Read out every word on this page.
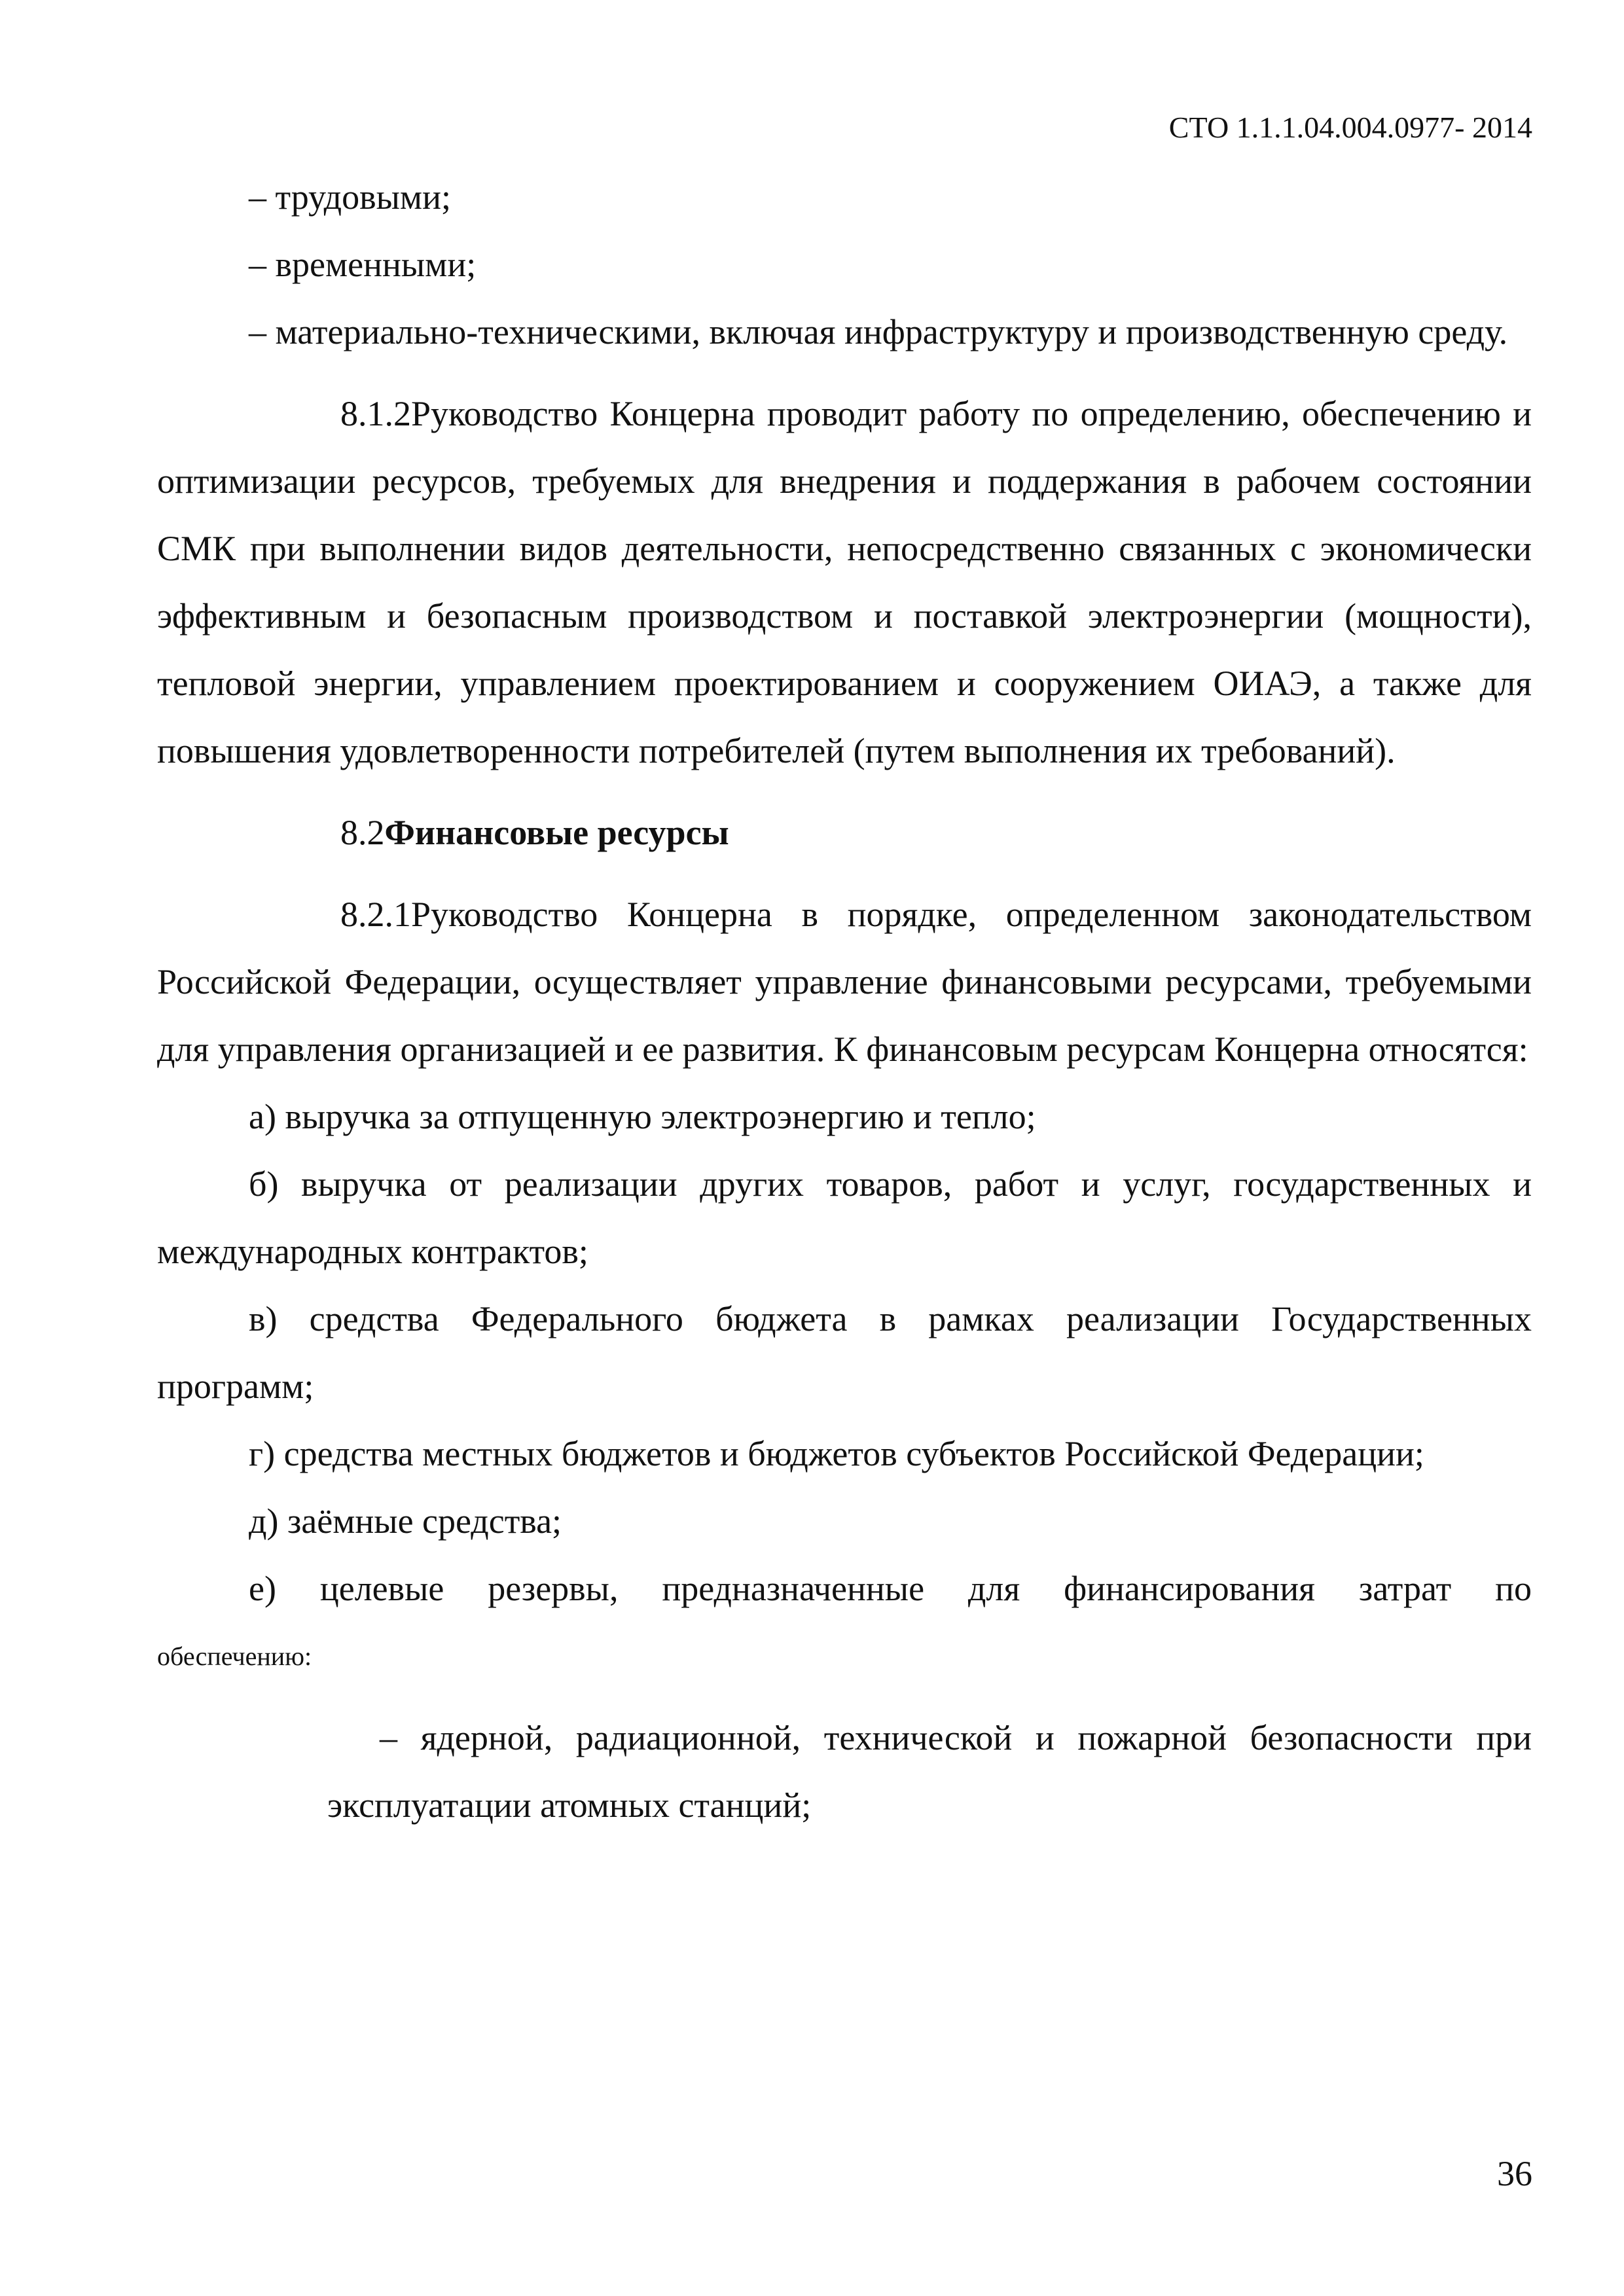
СТО 1.1.1.04.004.0977- 2014

– трудовыми;

– временными;

– материально-техническими, включая инфраструктуру и производственную среду.

8.1.2Руководство Концерна проводит работу по определению, обеспечению и оптимизации ресурсов, требуемых для внедрения и поддержания в рабочем состоянии СМК при выполнении видов деятельности, непосредственно связанных с экономически эффективным и безопасным производством и поставкой электроэнергии (мощности), тепловой энергии, управлением проектированием и сооружением ОИАЭ, а также для повышения удовлетворенности потребителей (путем выполнения их требований).

8.2Финансовые ресурсы

8.2.1Руководство Концерна в порядке, определенном законодательством Российской Федерации, осуществляет управление финансовыми ресурсами, требуемыми для управления организацией и ее развития. К финансовым ресурсам Концерна относятся:

а) выручка за отпущенную электроэнергию и тепло;

б) выручка от реализации других товаров, работ и услуг, государственных и международных контрактов;

в) средства Федерального бюджета в рамках реализации Государственных программ;

г) средства местных бюджетов и бюджетов субъектов Российской Федерации;

д) заёмные средства;

е) целевые резервы, предназначенные для финансирования затрат по

обеспечению:

– ядерной, радиационной, технической и пожарной безопасности при эксплуатации атомных станций;

36
